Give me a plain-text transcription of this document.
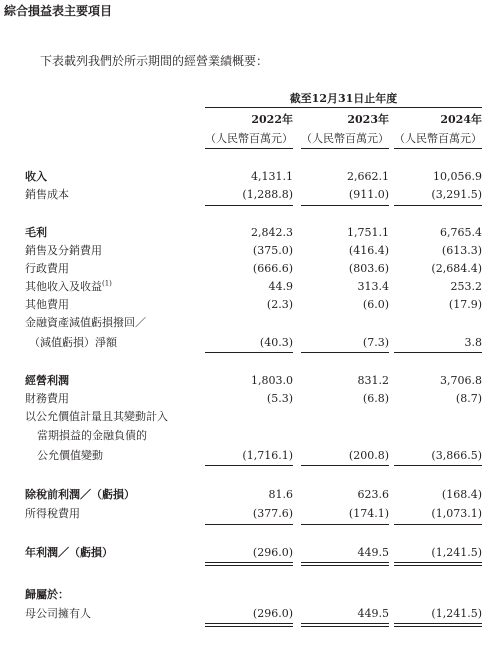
綜合損益表主要項目
下表載列我們於所示期間的經營業績概要：
截至12月31日止年度
2022年	2023年	2024年
（人民幣百萬元） （人民幣百萬元） （人民幣百萬元）
收入	4,131.1	2,662.1	10,056.9
銷售成本	(1,288.8)	(911.0)	(3,291.5)
毛利	2,842.3	1,751.1	6,765.4
銷售及分銷費用	(375.0)	(416.4)	(613.3)
行政費用	(666.6)	(803.6)	(2,684.4)
其他收入及收益$^{(1)}$	44.9	313.4	253.2
其他費用	(2.3)	(6.0)	(17.9)
金融資產減值虧損撥回／
（減值虧損）淨額	(40.3)	(7.3)	3.8
經營利潤	1,803.0	831.2	3,706.8
財務費用	(5.3)	(6.8)	(8.7)
以公允價值計量且其變動計入
當期損益的金融負債的
公允價值變動	(1,716.1)	(200.8)	(3,866.5)
除稅前利潤／（虧損）	81.6	623.6	(168.4)
所得稅費用	(377.6)	(174.1)	(1,073.1)
年利潤／（虧損）	(296.0)	449.5	(1,241.5)
歸屬於：
母公司擁有人	(296.0)	449.5	(1,241.5)
